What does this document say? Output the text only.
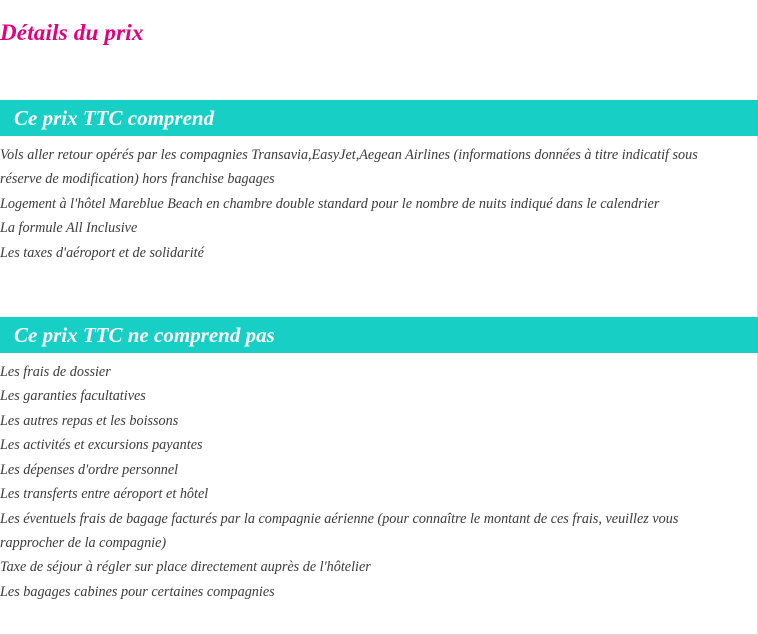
Détails du prix
Ce prix TTC comprend

Vols aller retour opérés par les compagnies Transavia,EasyJet,Aegean Airlines (informations données à titre indicatif sous réserve de modification) hors franchise bagages

Logement à l'hôtel Mareblue Beach en chambre double standard pour le nombre de nuits indiqué dans le calendrier

La formule All Inclusive

Les taxes d'aéroport et de solidarité

Ce prix TTC ne comprend pas

Les frais de dossier

Les garanties facultatives

Les autres repas et les boissons

Les activités et excursions payantes

Les dépenses d'ordre personnel

Les transferts entre aéroport et hôtel

Les éventuels frais de bagage facturés par la compagnie aérienne (pour connaître le montant de ces frais, veuillez vous rapprocher de la compagnie)

Taxe de séjour à régler sur place directement auprès de l'hôtelier

Les bagages cabines pour certaines compagnies
